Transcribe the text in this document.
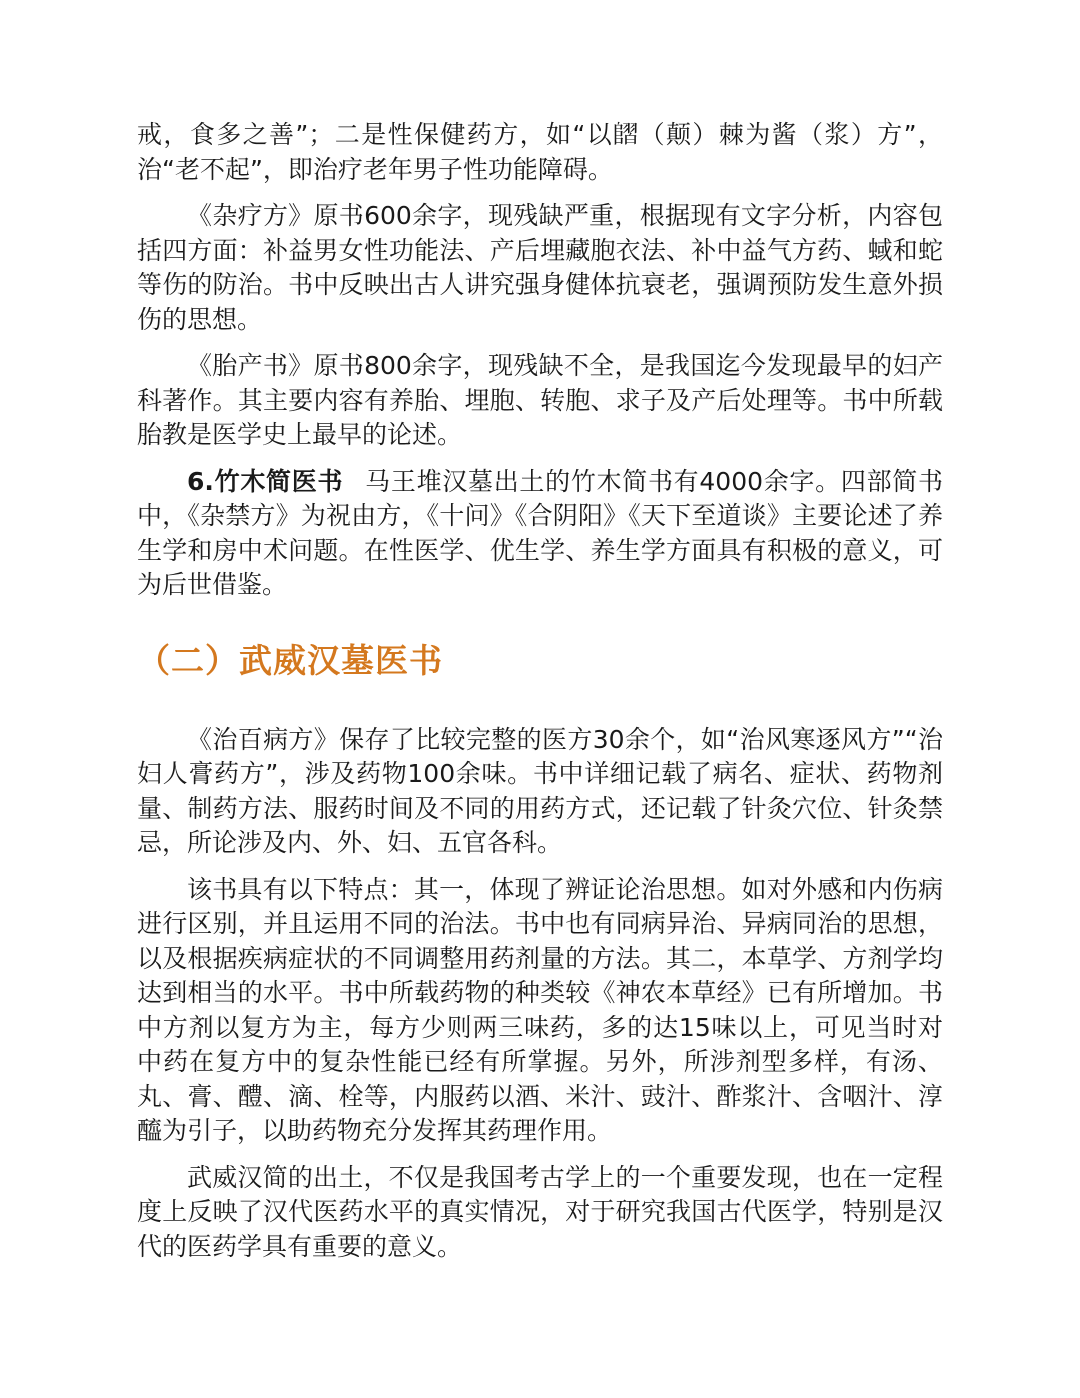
戒，食多之善”；二是性保健药方，如“以𨻿（颠）棘为酱（浆）方”，治“老不起”，即治疗老年男子性功能障碍。

《杂疗方》原书600余字，现残缺严重，根据现有文字分析，内容包括四方面：补益男女性功能法、产后埋藏胞衣法、补中益气方药、蜮和蛇等伤的防治。书中反映出古人讲究强身健体抗衰老，强调预防发生意外损伤的思想。

《胎产书》原书800余字，现残缺不全，是我国迄今发现最早的妇产科著作。其主要内容有养胎、埋胞、转胞、求子及产后处理等。书中所载胎教是医学史上最早的论述。

6.竹木简医书 马王堆汉墓出土的竹木简书有4000余字。四部简书中，《杂禁方》为祝由方，《十问》《合阴阳》《天下至道谈》主要论述了养生学和房中术问题。在性医学、优生学、养生学方面具有积极的意义，可为后世借鉴。

（二）武威汉墓医书

《治百病方》保存了比较完整的医方30余个，如“治风寒逐风方”“治妇人膏药方”，涉及药物100余味。书中详细记载了病名、症状、药物剂量、制药方法、服药时间及不同的用药方式，还记载了针灸穴位、针灸禁忌，所论涉及内、外、妇、五官各科。

该书具有以下特点：其一，体现了辨证论治思想。如对外感和内伤病进行区别，并且运用不同的治法。书中也有同病异治、异病同治的思想，以及根据疾病症状的不同调整用药剂量的方法。其二，本草学、方剂学均达到相当的水平。书中所载药物的种类较《神农本草经》已有所增加。书中方剂以复方为主，每方少则两三味药，多的达15味以上，可见当时对中药在复方中的复杂性能已经有所掌握。另外，所涉剂型多样，有汤、丸、膏、醴、滴、栓等，内服药以酒、米汁、豉汁、酢浆汁、含咽汁、淳醯为引子，以助药物充分发挥其药理作用。

武威汉简的出土，不仅是我国考古学上的一个重要发现，也在一定程度上反映了汉代医药水平的真实情况，对于研究我国古代医学，特别是汉代的医药学具有重要的意义。
